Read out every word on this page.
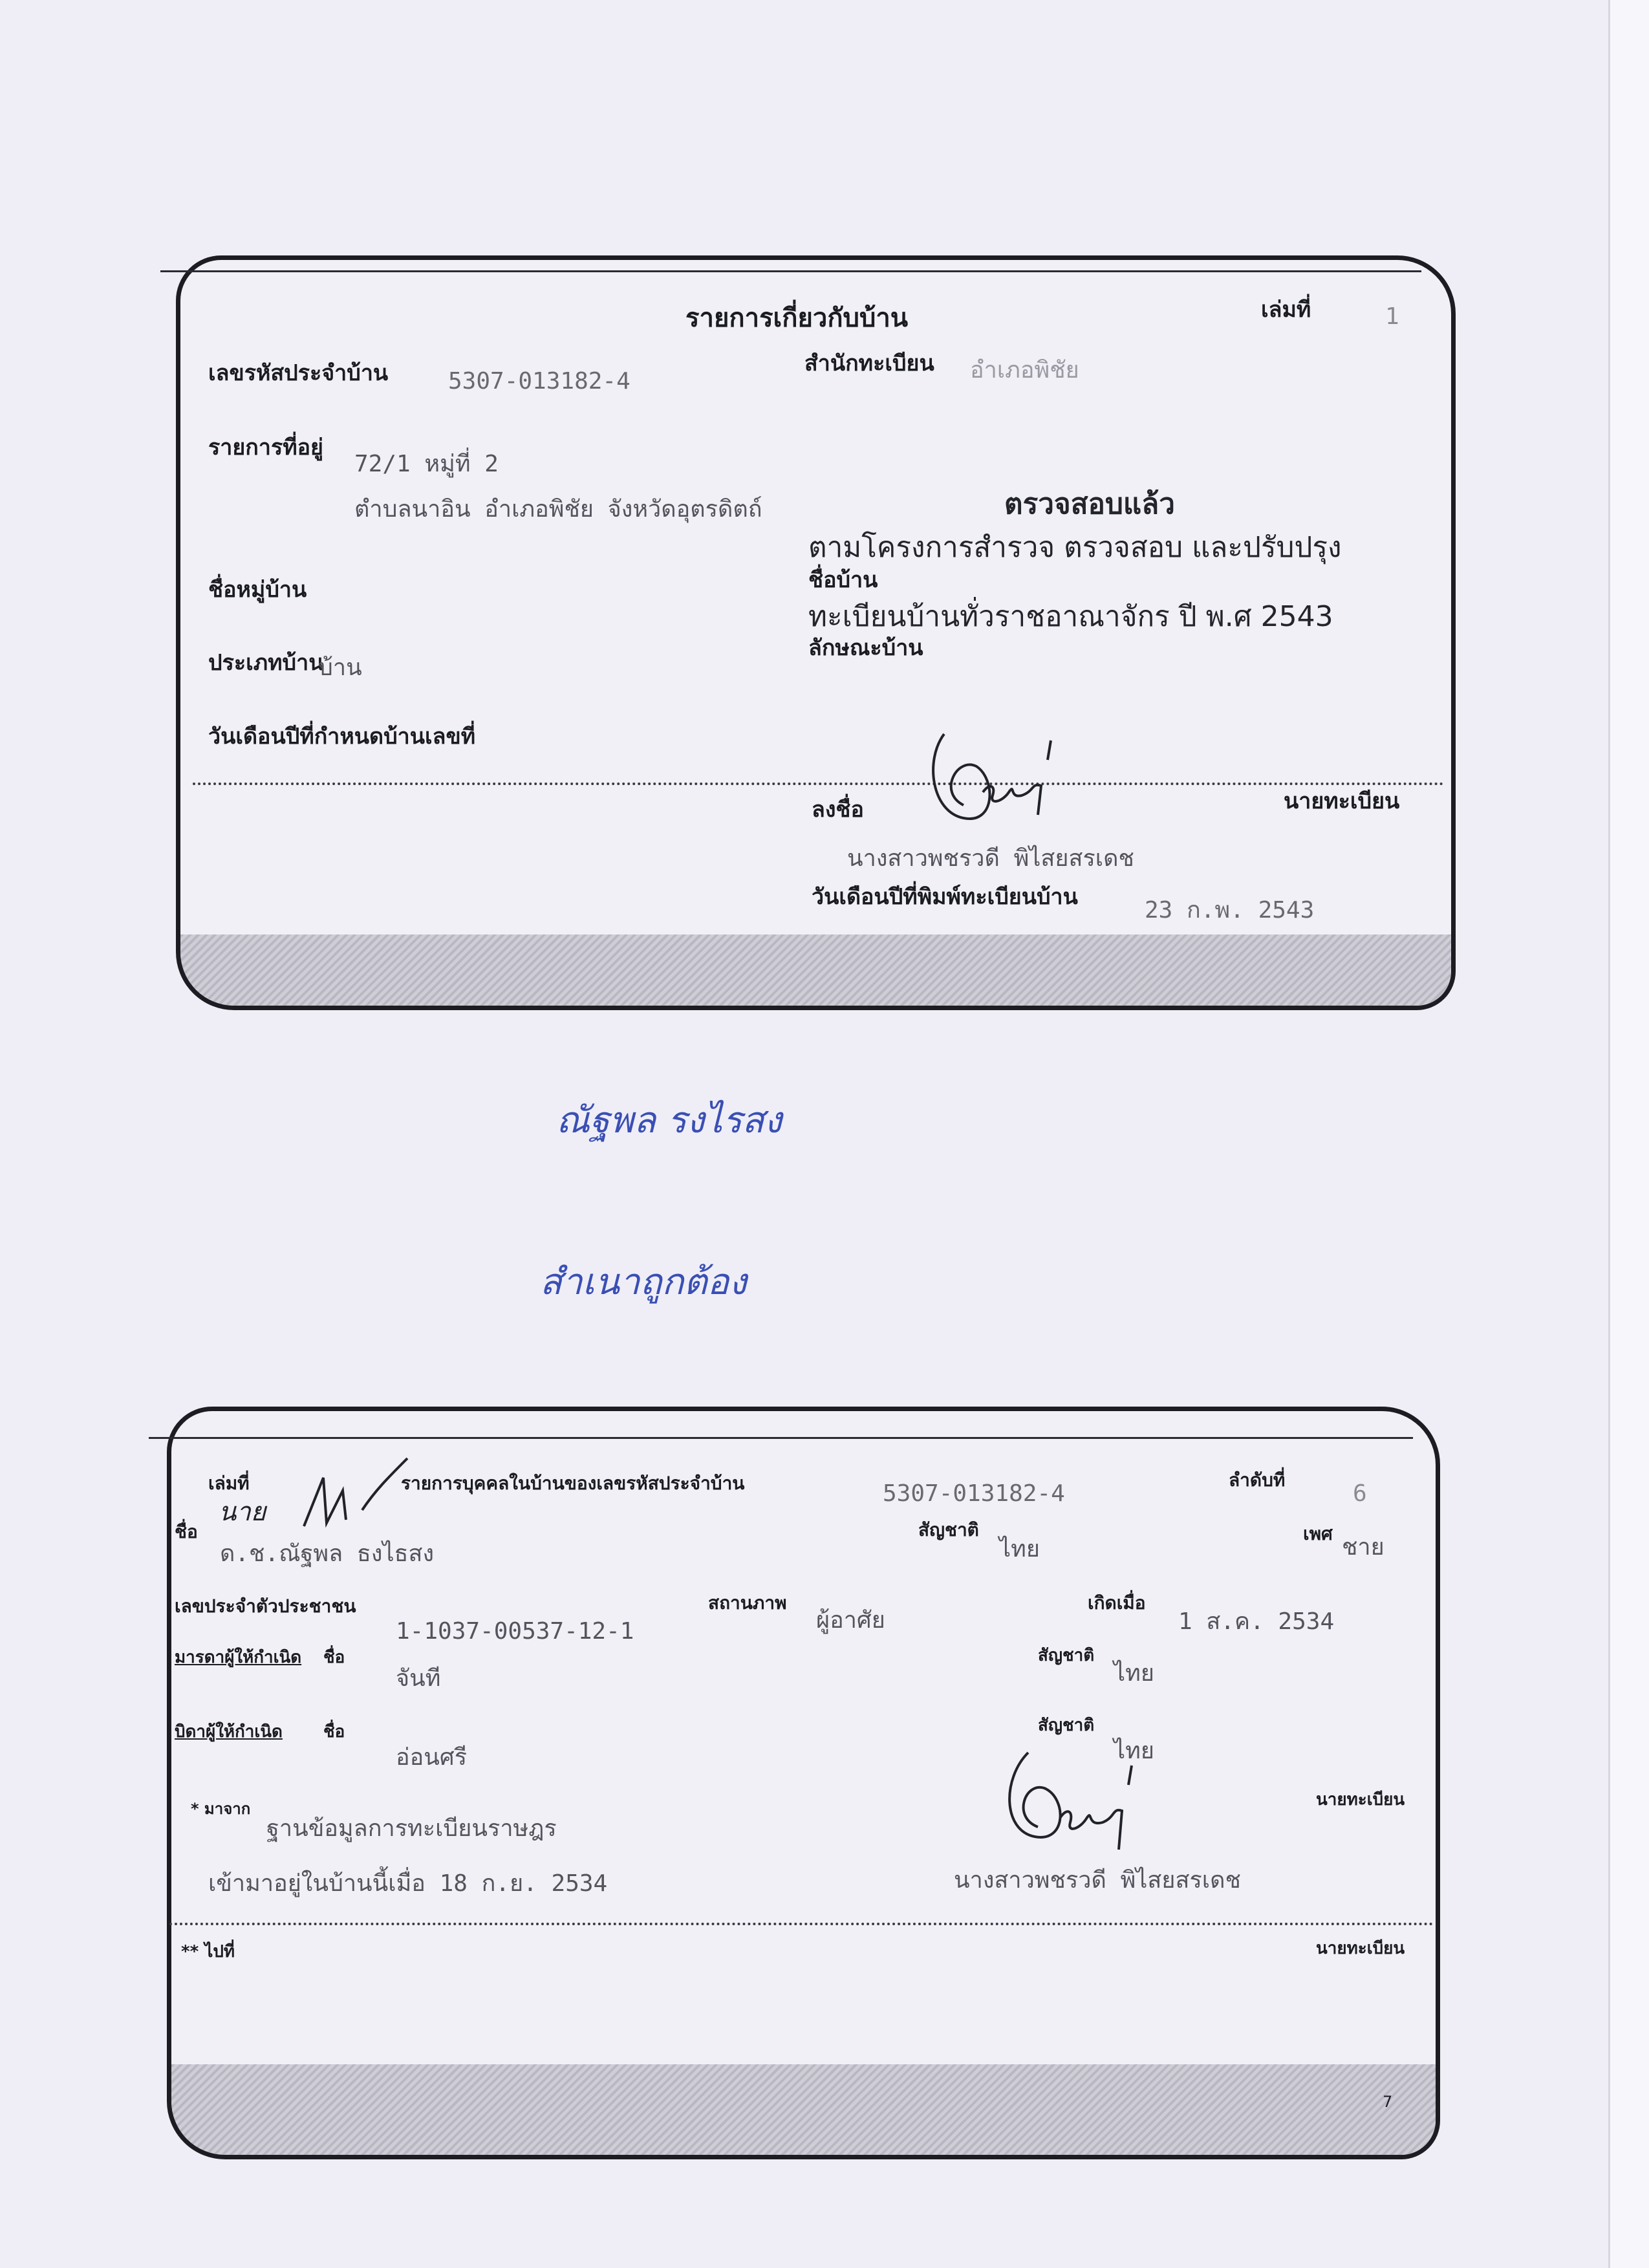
รายการเกี่ยวกับบ้าน	เล่มที่	1
เลขรหัสประจำบ้าน	5307-013182-4
สำนักทะเบียน อำเภอพิชัย
รายการที่อยู่
72/1 หมู่ที่ 2
ตำบลนาอิน อำเภอพิชัย จังหวัดอุตรดิตถ์	ตรวจสอบแล้ว
ตามโครงการสำรวจ ตรวจสอบ และปรับปรุง
ทะเบียนบ้านทั่วราชอาณาจักร ปี พ.ศ 2543
ชื่อหมู่บ้าน	ชื่อบ้าน
ประเภทบ้าน
บ้าน
ลักษณะบ้าน
วันเดือนปีที่กำหนดบ้านเลขที่
ลงชื่อ	นายทะเบียน
นางสาวพชรวดี พิไสยสรเดช
วันเดือนปีที่พิมพ์ทะเบียนบ้าน	23 ก.พ. 2543
ณัฐพล รงไรสง
สำเนาถูกต้อง
เล่มที่	รายการบุคคลในบ้านของเลขรหัสประจำบ้าน	5307-013182-4
ลำดับที่
6
ชื่อ
นาย
ด.ช.ณัฐพล ธงไธสง
สัญชาติ
ไทย
เพศ
ชาย
เลขประจำตัวประชาชน
1-1037-00537-12-1
สถานภาพ
ผู้อาศัย
เกิดเมื่อ
1 ส.ค. 2534
มารดาผู้ให้กำเนิด ชื่อ
จันที
สัญชาติ
ไทย
บิดาผู้ให้กำเนิด ชื่อ
อ่อนศรี
สัญชาติ
ไทย
* มาจาก
ฐานข้อมูลการทะเบียนราษฎร
เข้ามาอยู่ในบ้านนี้เมื่อ 18 ก.ย. 2534
นายทะเบียน
นางสาวพชรวดี พิไสยสรเดช
** ไปที่	นายทะเบียน
7
